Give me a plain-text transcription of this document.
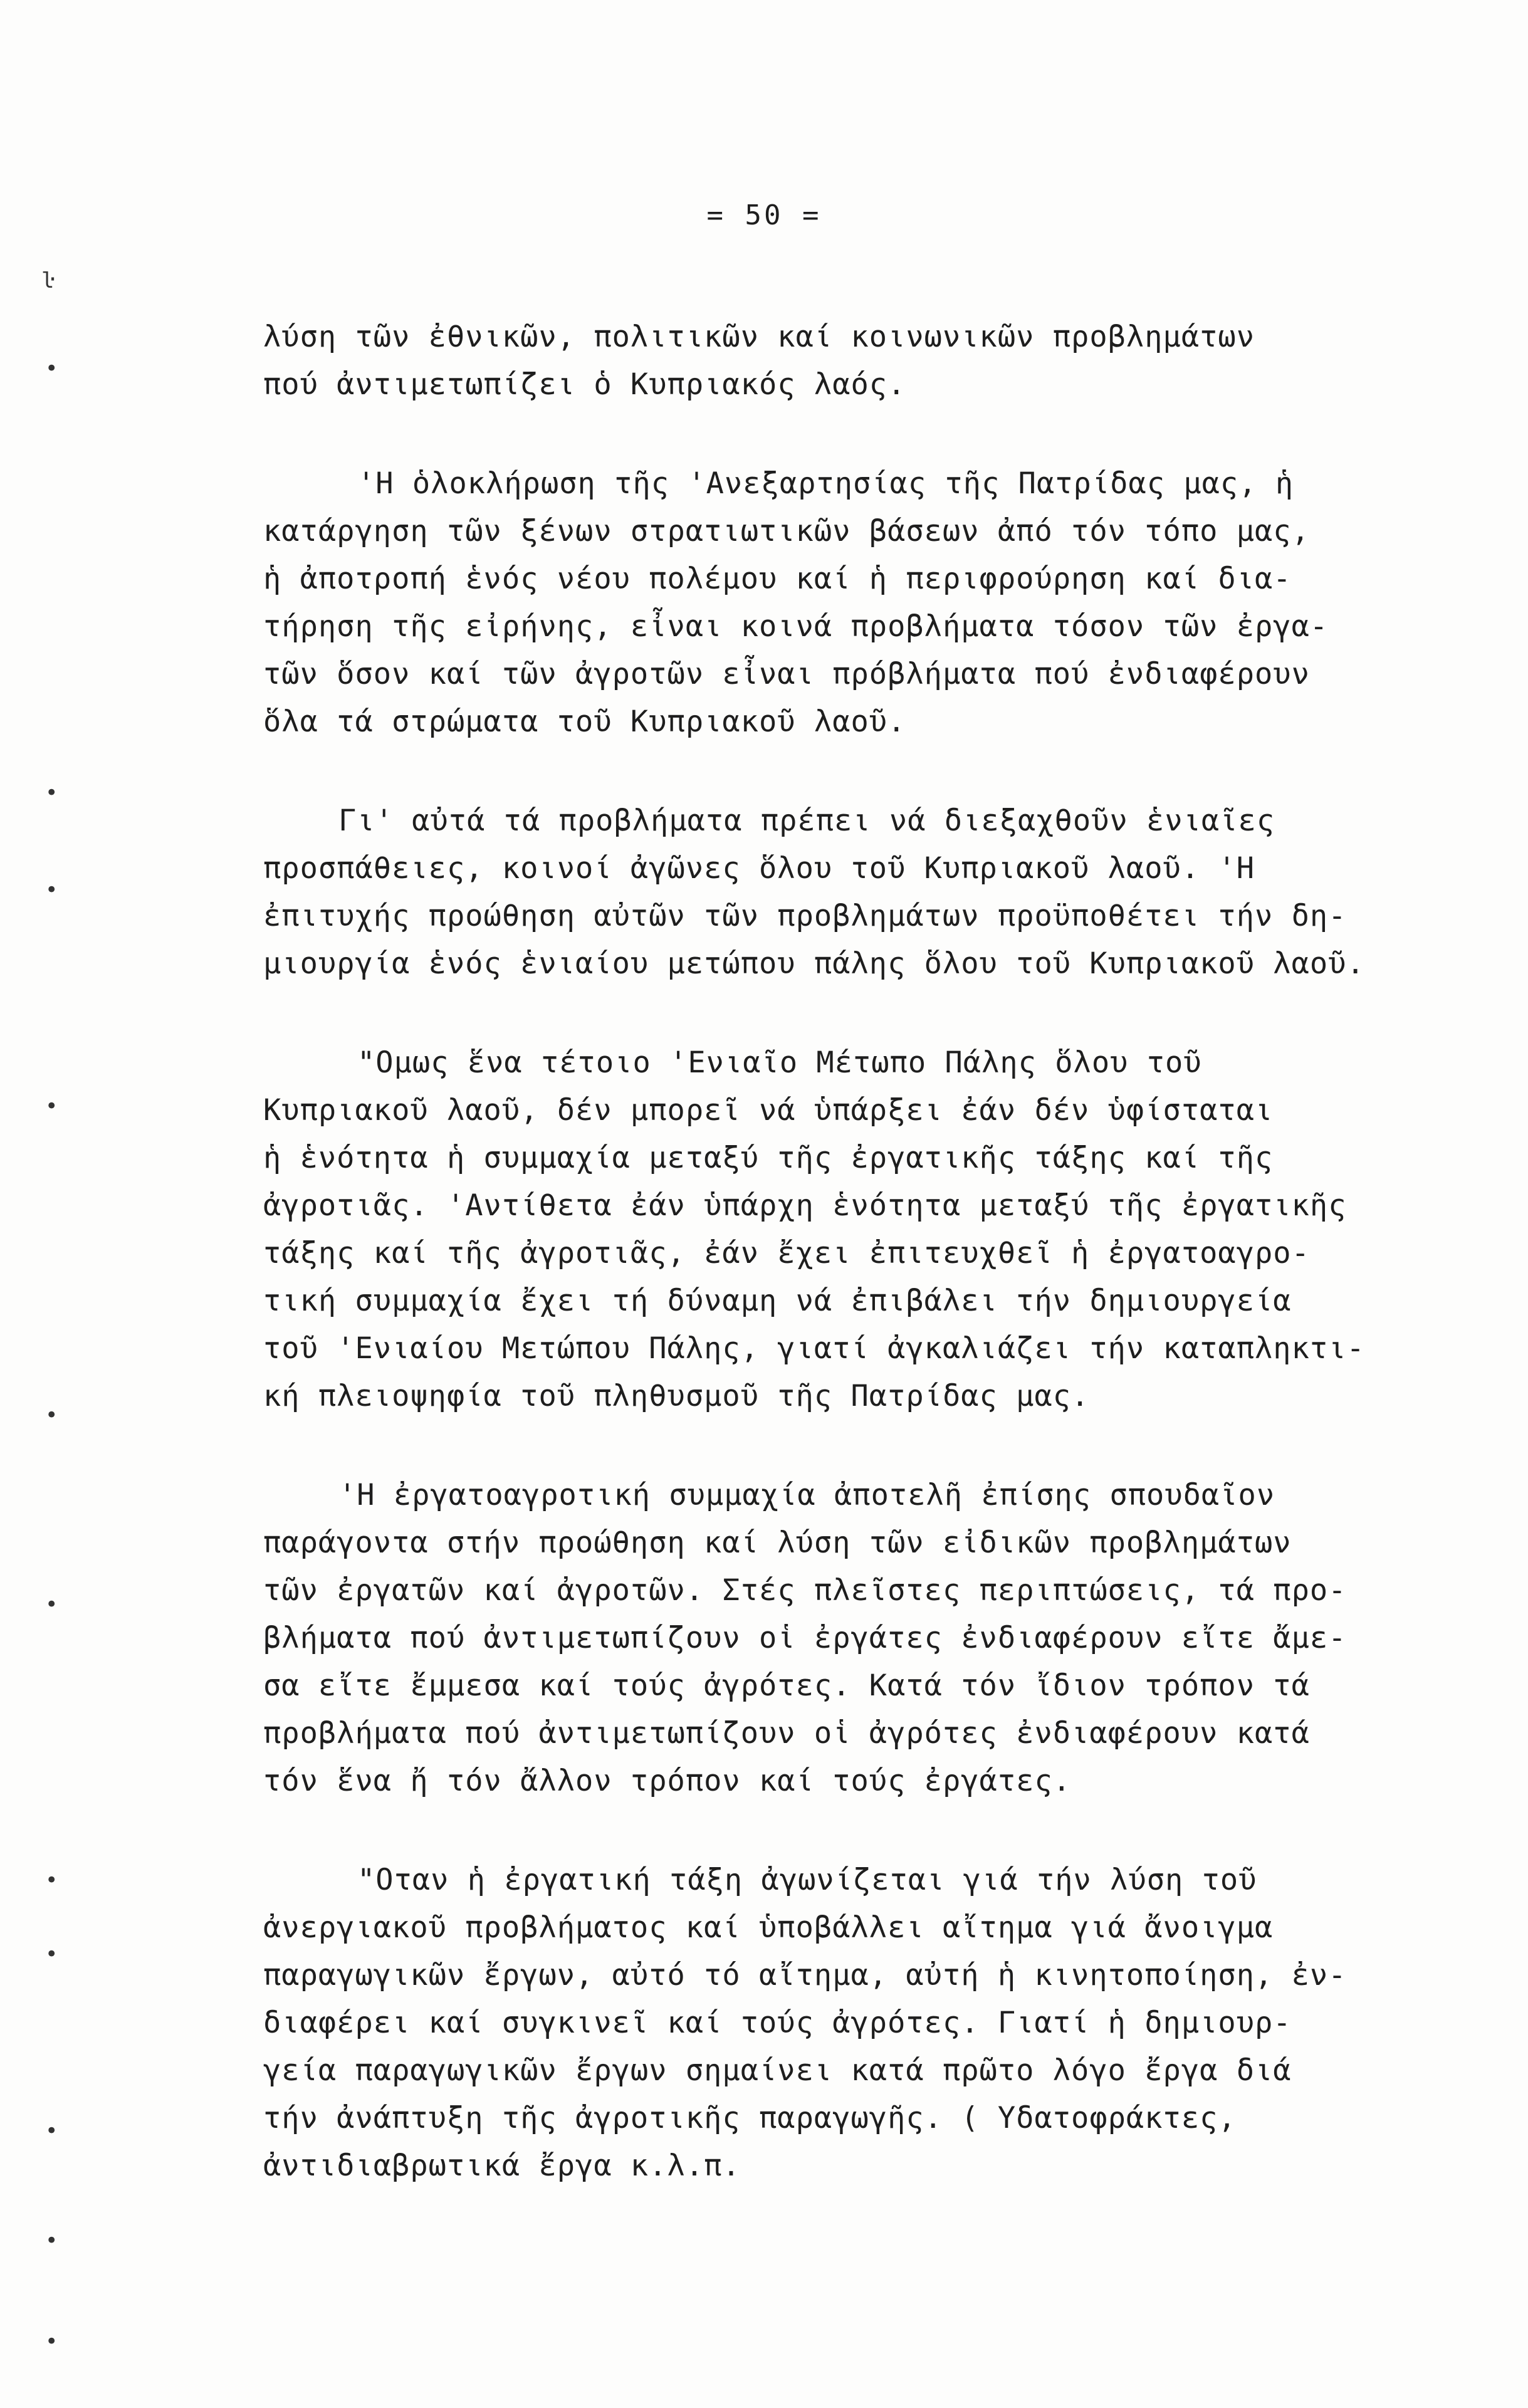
= 50 =
ŀ
•
•
•
•
•
•
•
•
•
•
•
λύση τῶν ἐθνικῶν, πολιτικῶν καί κοινωνικῶν προβλημάτων
πού ἀντιμετωπίζει ὁ Κυπριακός λαός.
'Η ὁλοκλήρωση τῆς 'Ανεξαρτησίας τῆς Πατρίδας μας, ἡ
κατάργηση τῶν ξένων στρατιωτικῶν βάσεων ἀπό τόν τόπο μας,
ἡ ἀποτροπή ἑνός νέου πολέμου καί ἡ περιφρούρηση καί δια-
τήρηση τῆς εἰρήνης, εἶναι κοινά προβλήματα τόσον τῶν ἐργα-
τῶν ὅσον καί τῶν ἀγροτῶν εἶναι πρόβλήματα πού ἐνδιαφέρουν
ὅλα τά στρώματα τοῦ Κυπριακοῦ λαοῦ.
Γι' αὐτά τά προβλήματα πρέπει νά διεξαχθοῦν ἑνιαῖες
προσπάθειες, κοινοί ἀγῶνες ὅλου τοῦ Κυπριακοῦ λαοῦ. 'Η
ἐπιτυχής προώθηση αὐτῶν τῶν προβλημάτων προϋποθέτει τήν δη-
μιουργία ἑνός ἑνιαίου μετώπου πάλης ὅλου τοῦ Κυπριακοῦ λαοῦ.
"Ομως ἕνα τέτοιο 'Ενιαῖο Μέτωπο Πάλης ὅλου τοῦ
Κυπριακοῦ λαοῦ, δέν μπορεῖ νά ὑπάρξει ἐάν δέν ὑφίσταται
ἡ ἑνότητα ἡ συμμαχία μεταξύ τῆς ἐργατικῆς τάξης καί τῆς
ἀγροτιᾶς. 'Αντίθετα ἐάν ὑπάρχη ἑνότητα μεταξύ τῆς ἐργατικῆς
τάξης καί τῆς ἀγροτιᾶς, ἐάν ἔχει ἐπιτευχθεῖ ἡ ἐργατοαγρο-
τική συμμαχία ἔχει τή δύναμη νά ἐπιβάλει τήν δημιουργεία
τοῦ 'Ενιαίου Μετώπου Πάλης, γιατί ἀγκαλιάζει τήν καταπληκτι-
κή πλειοψηφία τοῦ πληθυσμοῦ τῆς Πατρίδας μας.
'Η ἐργατοαγροτική συμμαχία ἀποτελῆ ἐπίσης σπουδαῖον
παράγοντα στήν προώθηση καί λύση τῶν εἰδικῶν προβλημάτων
τῶν ἐργατῶν καί ἀγροτῶν. Στές πλεῖστες περιπτώσεις, τά προ-
βλήματα πού ἀντιμετωπίζουν οἱ ἐργάτες ἐνδιαφέρουν εἴτε ἄμε-
σα εἴτε ἔμμεσα καί τούς ἀγρότες. Κατά τόν ἴδιον τρόπον τά
προβλήματα πού ἀντιμετωπίζουν οἱ ἀγρότες ἐνδιαφέρουν κατά
τόν ἕνα ἤ τόν ἄλλον τρόπον καί τούς ἐργάτες.
"Οταν ἡ ἐργατική τάξη ἀγωνίζεται γιά τήν λύση τοῦ
ἀνεργιακοῦ προβλήματος καί ὑποβάλλει αἴτημα γιά ἄνοιγμα
παραγωγικῶν ἔργων, αὐτό τό αἴτημα, αὐτή ἡ κινητοποίηση, ἐν-
διαφέρει καί συγκινεῖ καί τούς ἀγρότες. Γιατί ἡ δημιουρ-
γεία παραγωγικῶν ἔργων σημαίνει κατά πρῶτο λόγο ἔργα διά
τήν ἀνάπτυξη τῆς ἀγροτικῆς παραγωγῆς. ( Υδατοφράκτες,
ἀντιδιαβρωτικά ἔργα κ.λ.π.
